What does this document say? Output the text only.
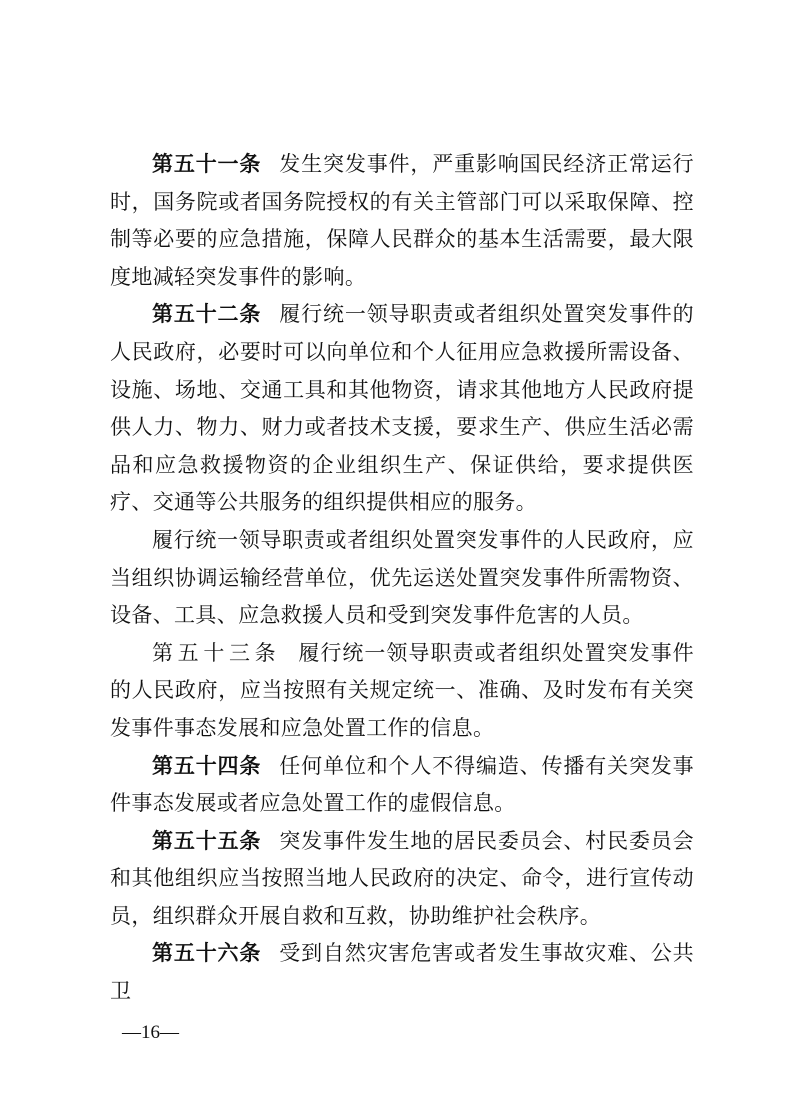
第五十一条 发生突发事件，严重影响国民经济正常运行时，国务院或者国务院授权的有关主管部门可以采取保障、控制等必要的应急措施，保障人民群众的基本生活需要，最大限度地减轻突发事件的影响。

第五十二条 履行统一领导职责或者组织处置突发事件的人民政府，必要时可以向单位和个人征用应急救援所需设备、设施、场地、交通工具和其他物资，请求其他地方人民政府提供人力、物力、财力或者技术支援，要求生产、供应生活必需品和应急救援物资的企业组织生产、保证供给，要求提供医疗、交通等公共服务的组织提供相应的服务。

履行统一领导职责或者组织处置突发事件的人民政府，应当组织协调运输经营单位，优先运送处置突发事件所需物资、设备、工具、应急救援人员和受到突发事件危害的人员。

第五十三条 履行统一领导职责或者组织处置突发事件的人民政府，应当按照有关规定统一、准确、及时发布有关突发事件事态发展和应急处置工作的信息。

第五十四条 任何单位和个人不得编造、传播有关突发事件事态发展或者应急处置工作的虚假信息。

第五十五条 突发事件发生地的居民委员会、村民委员会和其他组织应当按照当地人民政府的决定、命令，进行宣传动员，组织群众开展自救和互救，协助维护社会秩序。

第五十六条 受到自然灾害危害或者发生事故灾难、公共卫

—16—
